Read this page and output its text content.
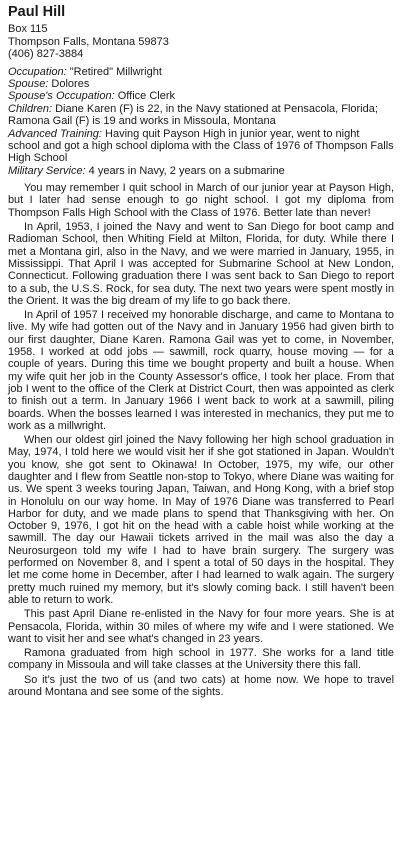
Paul Hill
Box 115
Thompson Falls, Montana 59873
(406) 827-3884
Occupation: "Retired" Millwright
Spouse: Dolores
Spouse's Occupation: Office Clerk
Children: Diane Karen (F) is 22, in the Navy stationed at Pensacola, Florida; Ramona Gail (F) is 19 and works in Missoula, Montana
Advanced Training: Having quit Payson High in junior year, went to night school and got a high school diploma with the Class of 1976 of Thompson Falls High School
Military Service: 4 years in Navy, 2 years on a submarine

You may remember I quit school in March of our junior year at Payson High, but I later had sense enough to go night school. I got my diploma from Thompson Falls High School with the Class of 1976. Better late than never!

In April, 1953, I joined the Navy and went to San Diego for boot camp and Radioman School, then Whiting Field at Milton, Florida, for duty. While there I met a Montana girl, also in the Navy, and we were married in January, 1955, in Mississippi. That April I was accepted for Submarine School at New London, Connecticut. Following graduation there I was sent back to San Diego to report to a sub, the U.S.S. Rock, for sea duty. The next two years were spent mostly in the Orient. It was the big dream of my life to go back there.

In April of 1957 I received my honorable discharge, and came to Montana to live. My wife had gotten out of the Navy and in January 1956 had given birth to our first daughter, Diane Karen. Ramona Gail was yet to come, in November, 1958. I worked at odd jobs — sawmill, rock quarry, house moving — for a couple of years. During this time we bought property and built a house. When my wife quit her job in the County Assessor's office, I took her place. From that job I went to the office of the Clerk at District Court, then was appointed as clerk to finish out a term. In January 1966 I went back to work at a sawmill, piling boards. When the bosses learned I was interested in mechanics, they put me to work as a millwright.

When our oldest girl joined the Navy following her high school graduation in May, 1974, I told here we would visit her if she got stationed in Japan. Wouldn't you know, she got sent to Okinawa! In October, 1975, my wife, our other daughter and I flew from Seattle non-stop to Tokyo, where Diane was waiting for us. We spent 3 weeks touring Japan, Taiwan, and Hong Kong, with a brief stop in Honolulu on our way home. In May of 1976 Diane was transferred to Pearl Harbor for duty, and we made plans to spend that Thanksgiving with her. On October 9, 1976, I got hit on the head with a cable hoist while working at the sawmill. The day our Hawaii tickets arrived in the mail was also the day a Neurosurgeon told my wife I had to have brain surgery. The surgery was performed on November 8, and I spent a total of 50 days in the hospital. They let me come home in December, after I had learned to walk again. The surgery pretty much ruined my memory, but it's slowly coming back. I still haven't been able to return to work.

This past April Diane re-enlisted in the Navy for four more years. She is at Pensacola, Florida, within 30 miles of where my wife and I were stationed. We want to visit her and see what's changed in 23 years.

Ramona graduated from high school in 1977. She works for a land title company in Missoula and will take classes at the University there this fall.

So it's just the two of us (and two cats) at home now. We hope to travel around Montana and see some of the sights.
